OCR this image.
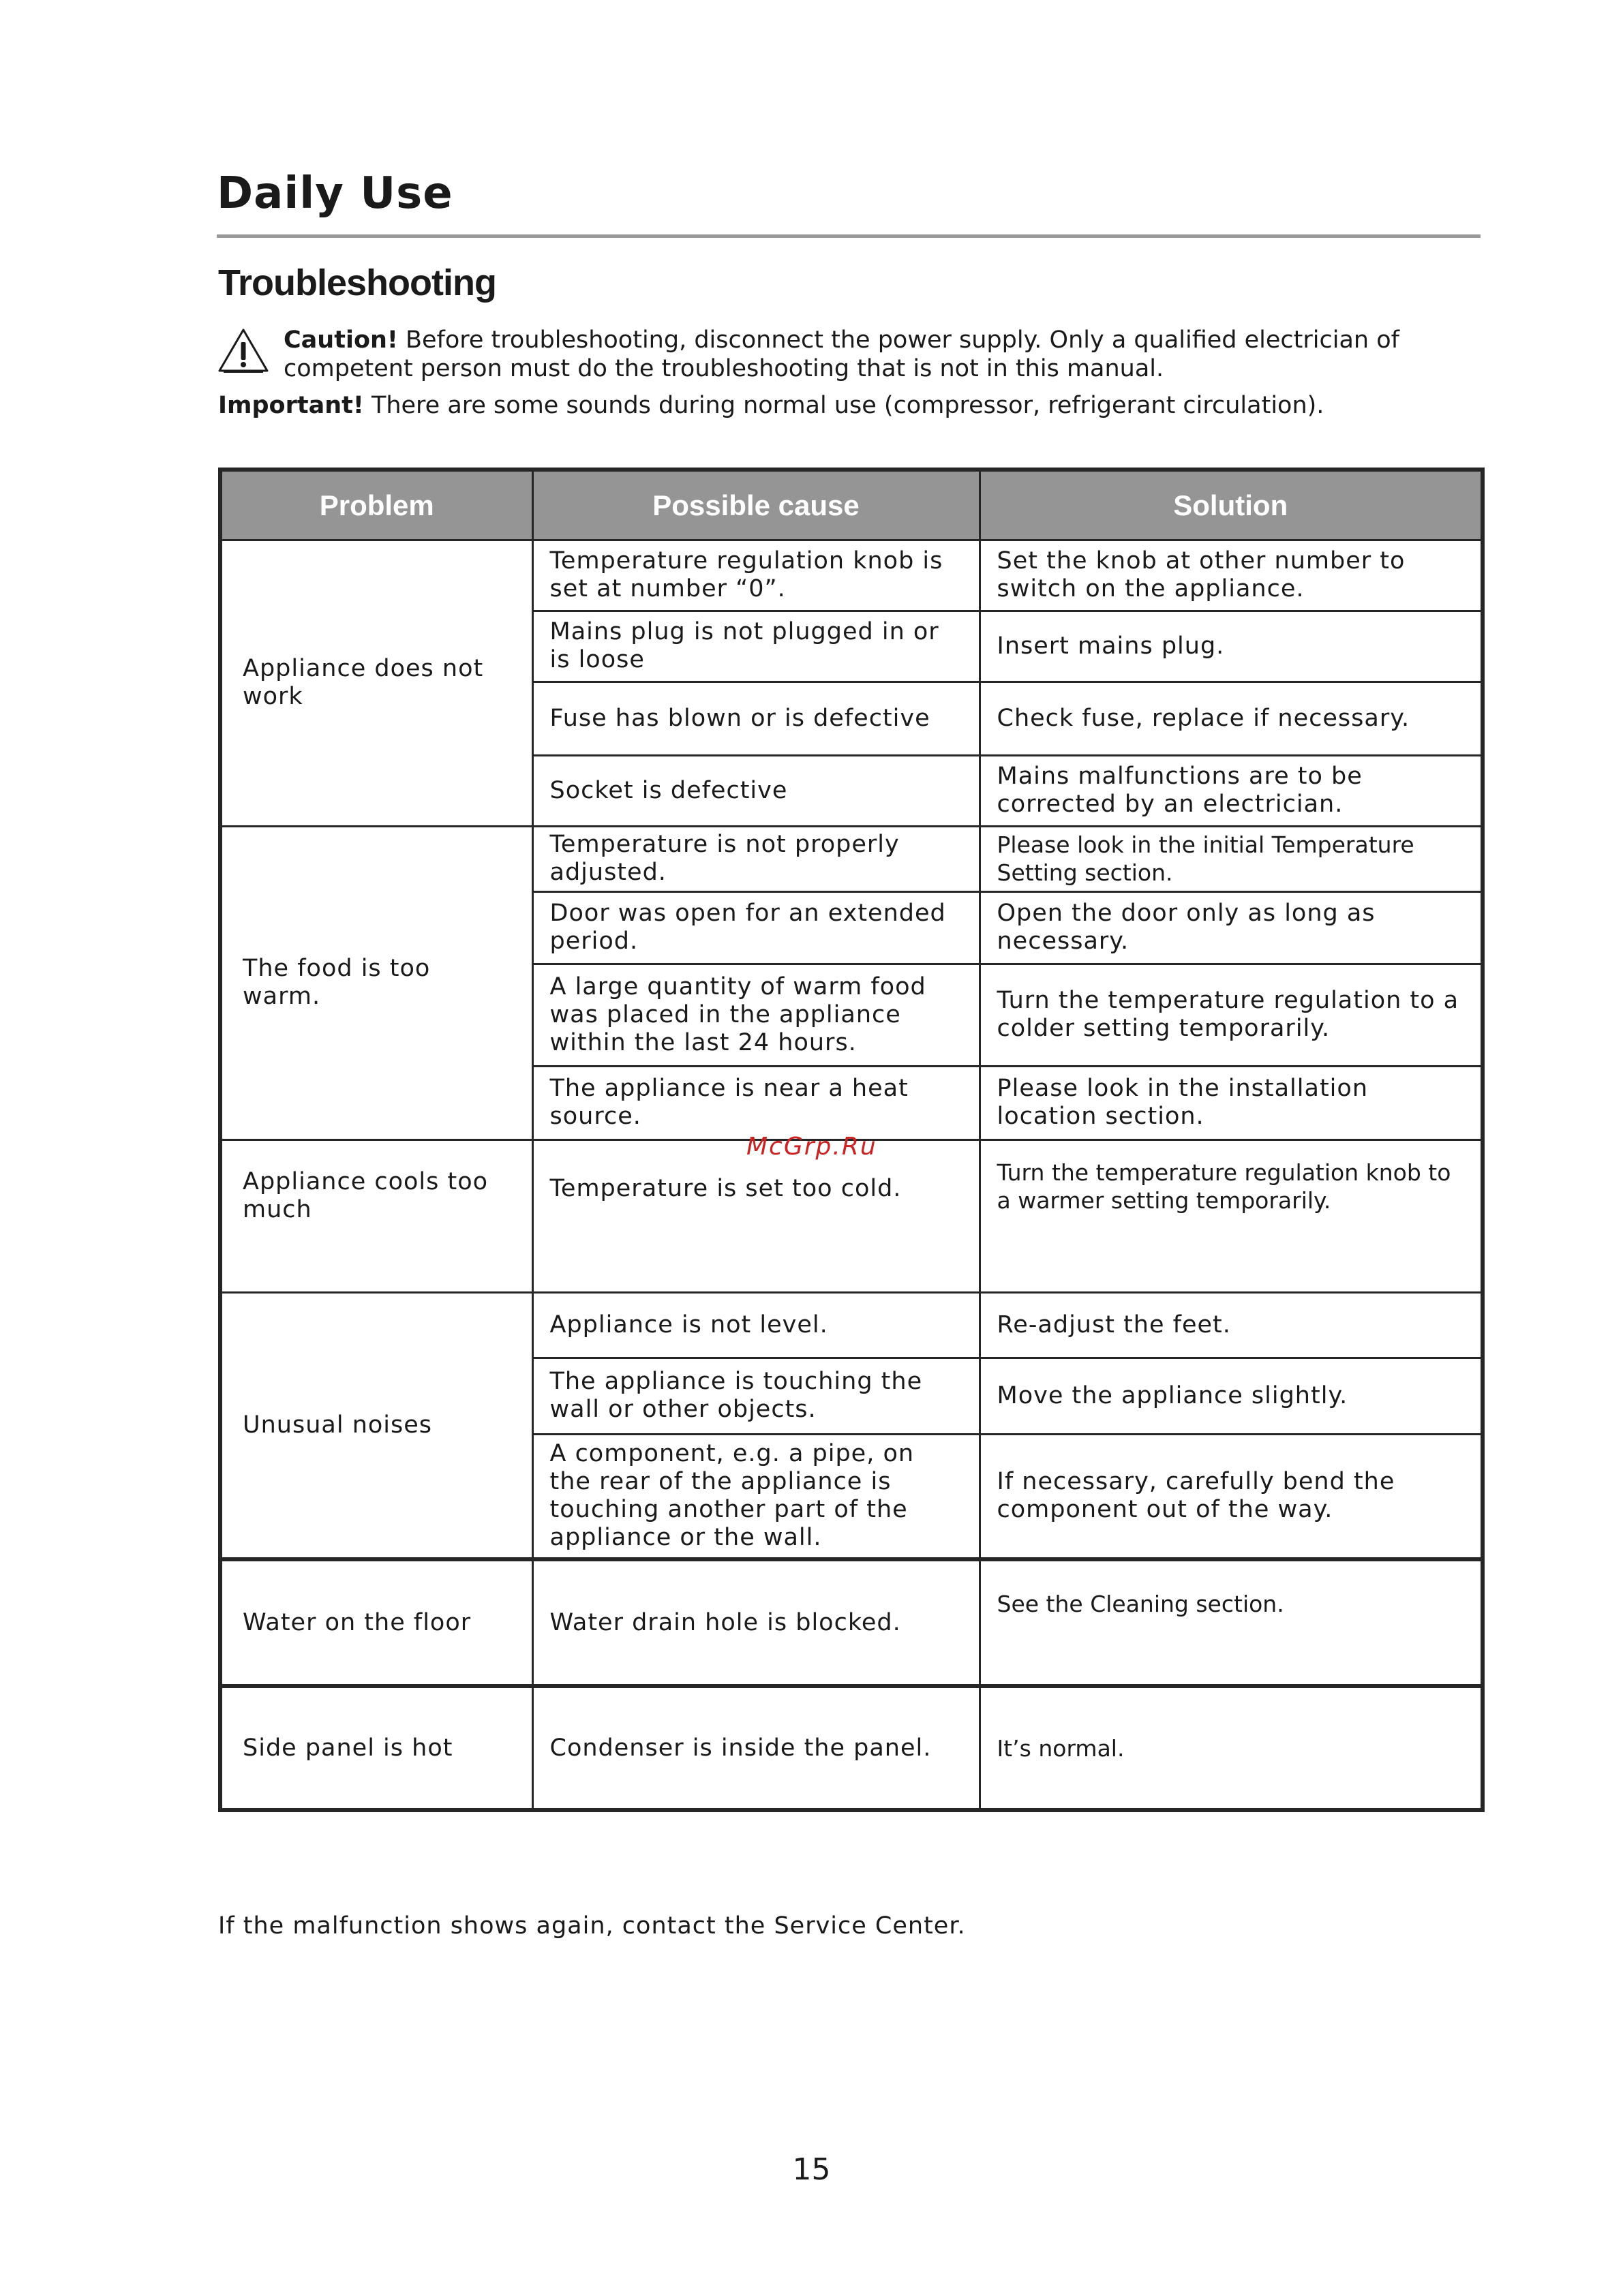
Daily Use
Troubleshooting
Caution! Before troubleshooting, disconnect the power supply. Only a qualified electrician of competent person must do the troubleshooting that is not in this manual.
Important! There are some sounds during normal use (compressor, refrigerant circulation).
Problem	Possible cause	Solution
Appliance does not work	Temperature regulation knob is set at number “0”.	Set the knob at other number to switch on the appliance.
	Mains plug is not plugged in or is loose	Insert mains plug.
	Fuse has blown or is defective	Check fuse, replace if necessary.
	Socket is defective	Mains malfunctions are to be corrected by an electrician.
The food is too warm.	Temperature is not properly adjusted.	Please look in the initial Temperature Setting section.
	Door was open for an extended period.	Open the door only as long as necessary.
	A large quantity of warm food was placed in the appliance within the last 24 hours.	Turn the temperature regulation to a colder setting temporarily.
	The appliance is near a heat source.	Please look in the installation location section.
Appliance cools too much	Temperature is set too cold.	Turn the temperature regulation knob to a warmer setting temporarily.
Unusual noises	Appliance is not level.	Re-adjust the feet.
	The appliance is touching the wall or other objects.	Move the appliance slightly.
	A component, e.g. a pipe, on the rear of the appliance is touching another part of the appliance or the wall.	If necessary, carefully bend the component out of the way.
Water on the floor	Water drain hole is blocked.	See the Cleaning section.
Side panel is hot	Condenser is inside the panel.	It’s normal.
McGrp.Ru
If the malfunction shows again, contact the Service Center.
15
